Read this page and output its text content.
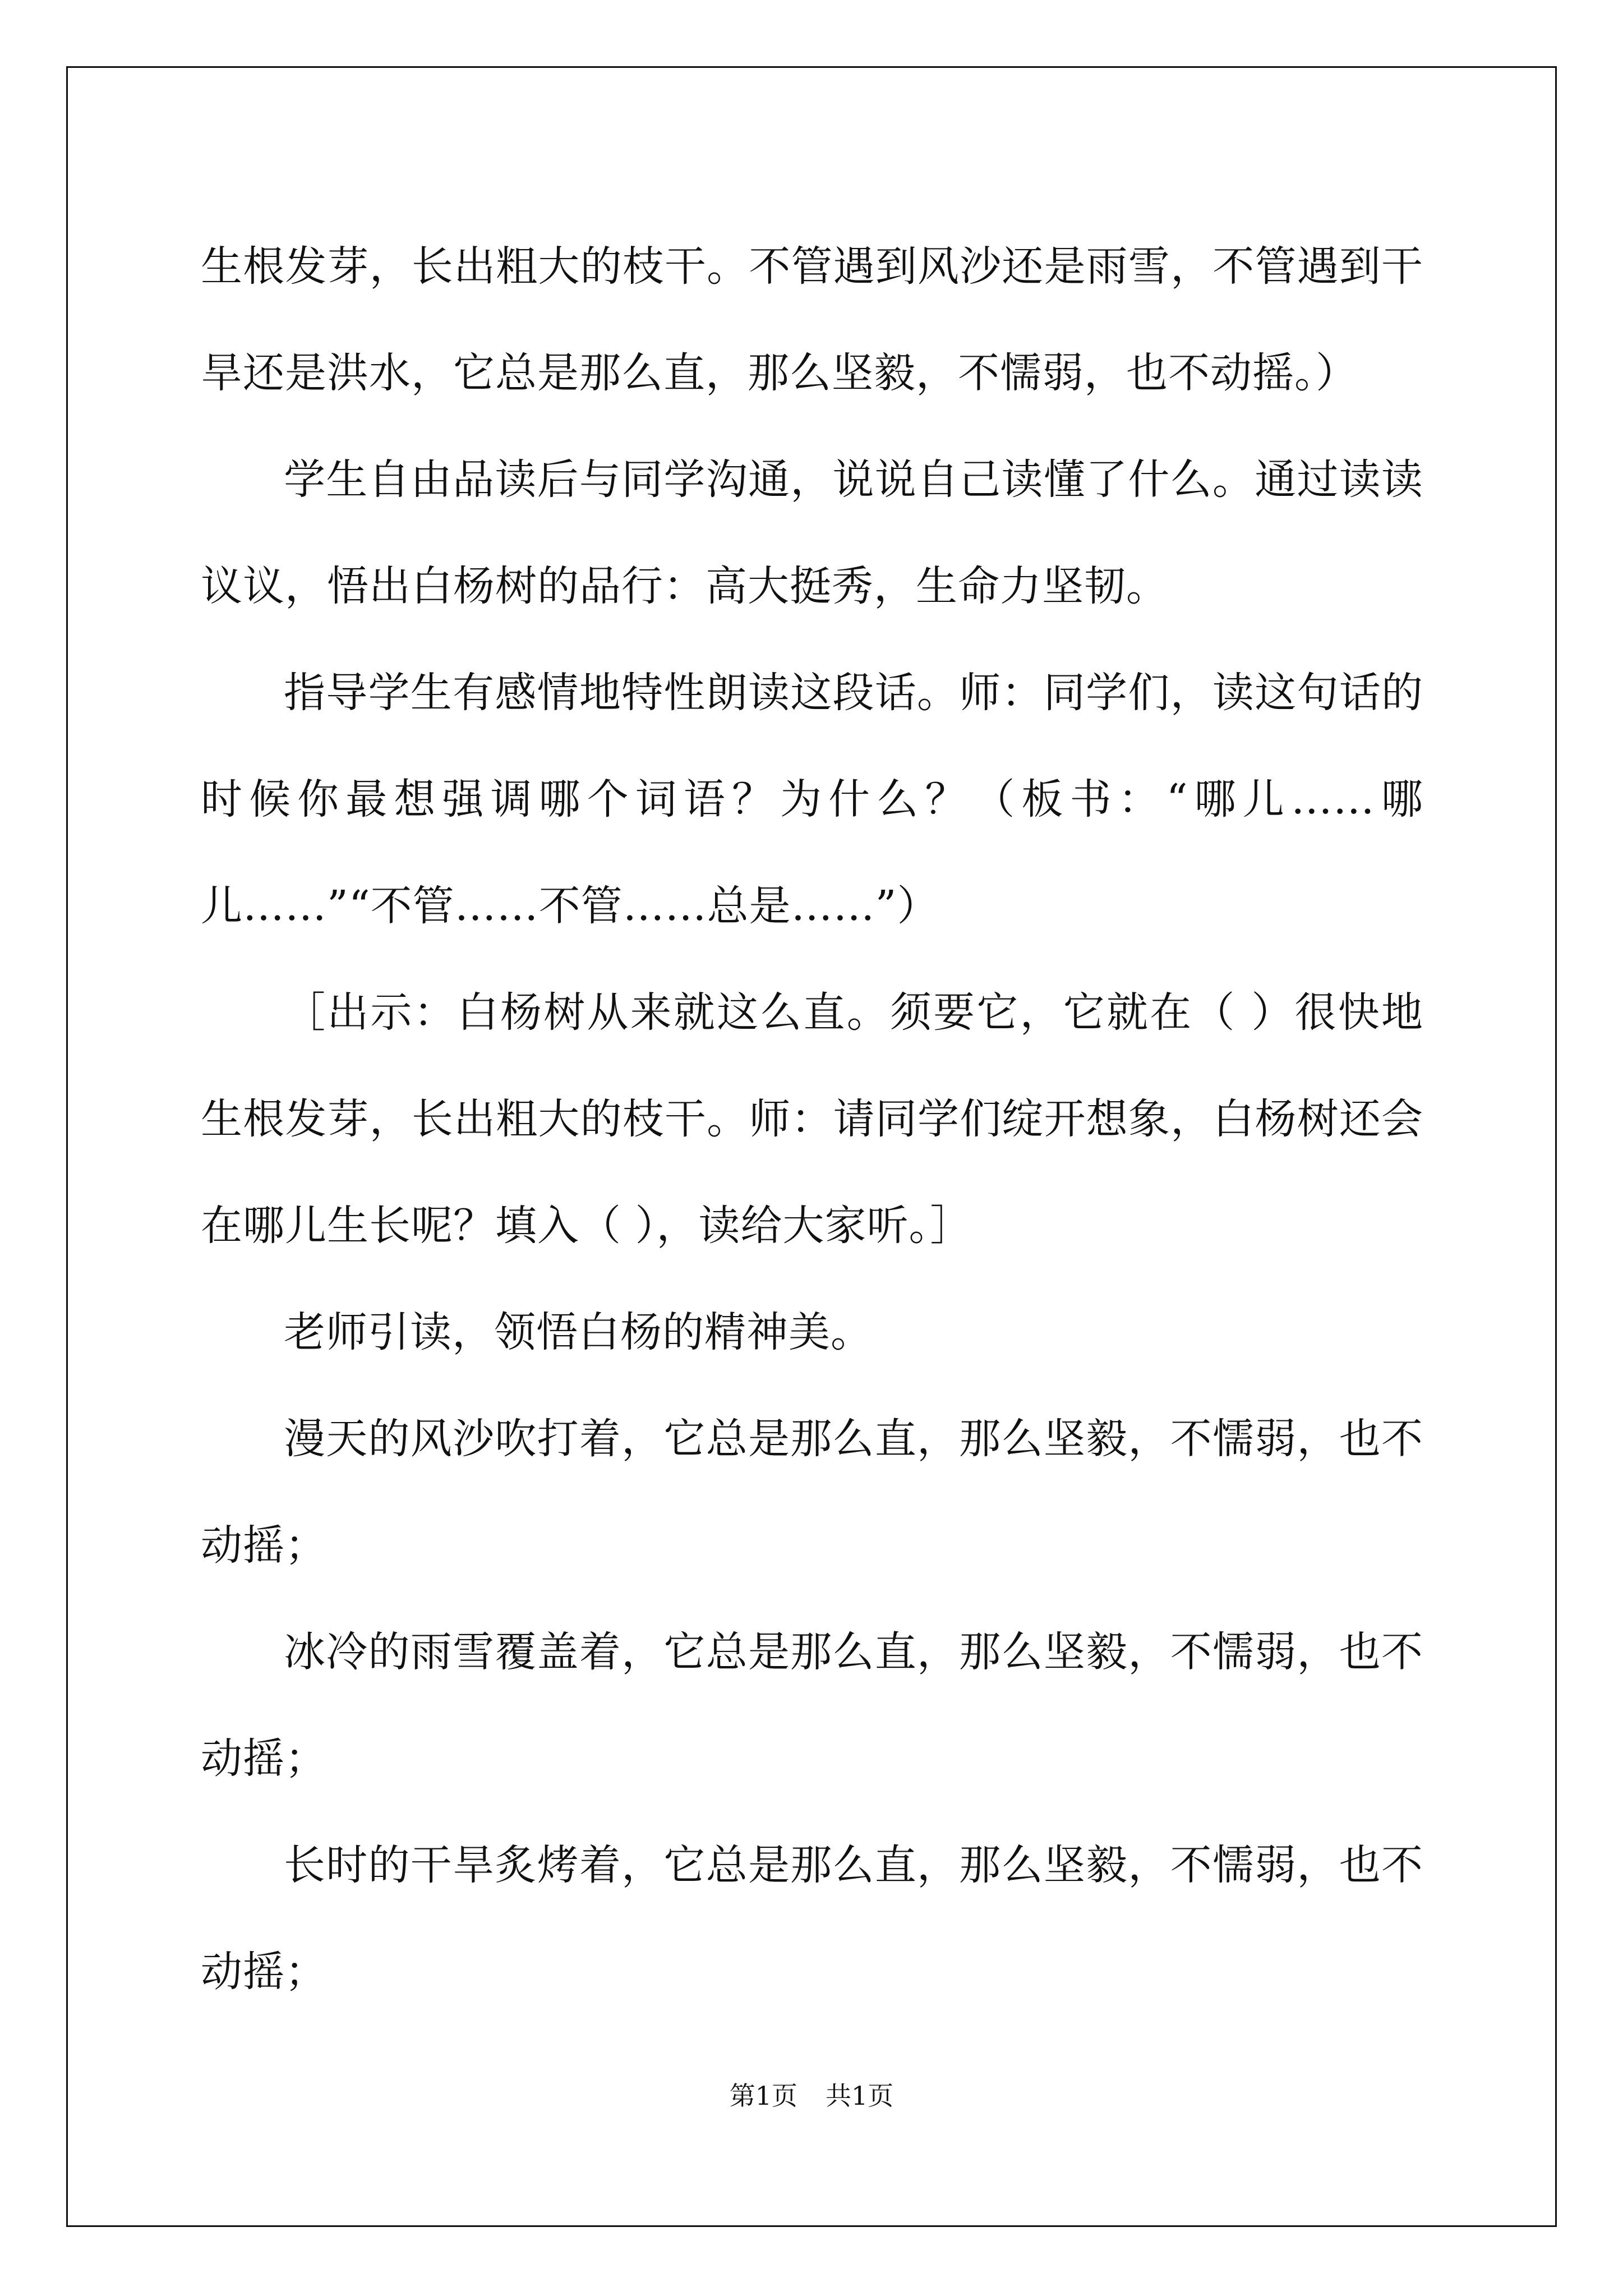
生根发芽，长出粗大的枝干。不管遇到风沙还是雨雪，不管遇到干旱还是洪水，它总是那么直，那么坚毅，不懦弱，也不动摇。）

学生自由品读后与同学沟通，说说自己读懂了什么。通过读读议议，悟出白杨树的品行：高大挺秀，生命力坚韧。

指导学生有感情地特性朗读这段话。师：同学们，读这句话的时候你最想强调哪个词语？为什么？（板书：“哪儿……哪儿……”“不管……不管……总是……”）

［出示：白杨树从来就这么直。须要它，它就在（ ）很快地生根发芽，长出粗大的枝干。师：请同学们绽开想象，白杨树还会在哪儿生长呢？填入（ ），读给大家听。］

老师引读，领悟白杨的精神美。

漫天的风沙吹打着，它总是那么直，那么坚毅，不懦弱，也不动摇；

冰冷的雨雪覆盖着，它总是那么直，那么坚毅，不懦弱，也不动摇；

长时的干旱炙烤着，它总是那么直，那么坚毅，不懦弱，也不动摇；

第1页 共1页
